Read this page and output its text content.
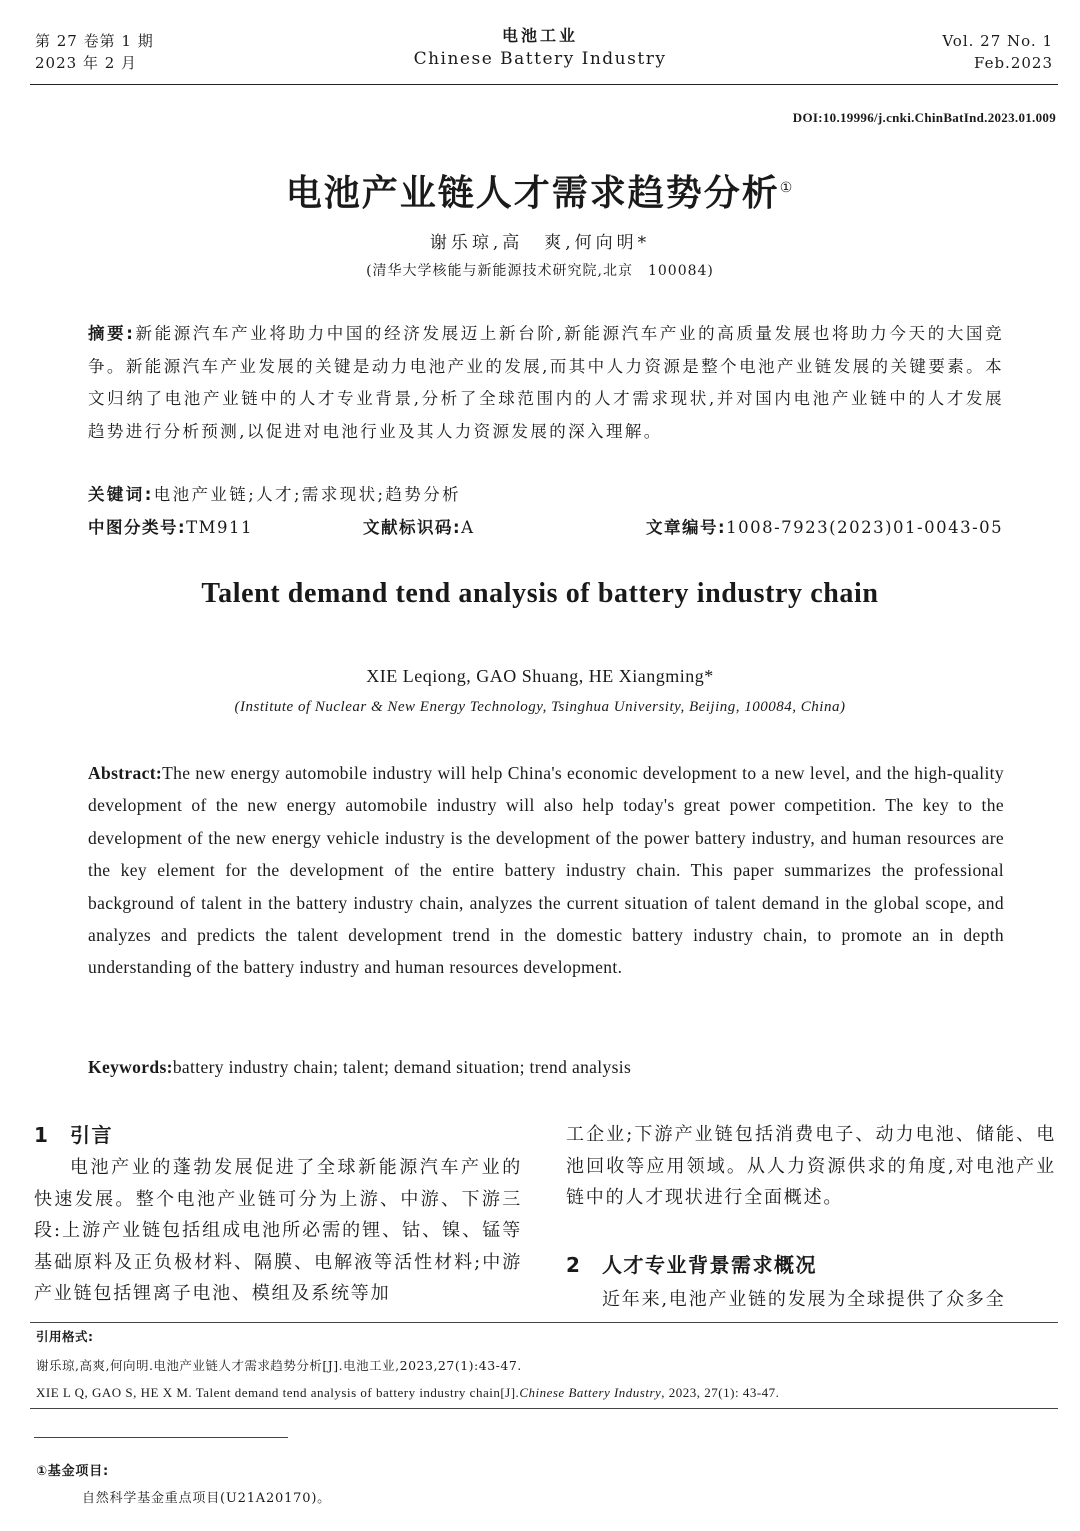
第 27 卷第 1 期
2023 年 2 月
电池工业
Chinese Battery Industry
Vol. 27 No. 1
Feb.2023
DOI:10.19996/j.cnki.ChinBatInd.2023.01.009
电池产业链人才需求趋势分析①
谢乐琼,高　爽,何向明*
(清华大学核能与新能源技术研究院,北京　100084)
摘要:新能源汽车产业将助力中国的经济发展迈上新台阶,新能源汽车产业的高质量发展也将助力今天的大国竞争。新能源汽车产业发展的关键是动力电池产业的发展,而其中人力资源是整个电池产业链发展的关键要素。本文归纳了电池产业链中的人才专业背景,分析了全球范围内的人才需求现状,并对国内电池产业链中的人才发展趋势进行分析预测,以促进对电池行业及其人力资源发展的深入理解。
关键词:电池产业链;人才;需求现状;趋势分析
中图分类号:TM911	文献标识码:A	文章编号:1008-7923(2023)01-0043-05
Talent demand tend analysis of battery industry chain
XIE Leqiong, GAO Shuang, HE Xiangming*
(Institute of Nuclear & New Energy Technology, Tsinghua University, Beijing, 100084, China)
Abstract:The new energy automobile industry will help China's economic development to a new level, and the high-quality development of the new energy automobile industry will also help today's great power competition. The key to the development of the new energy vehicle industry is the development of the power battery industry, and human resources are the key element for the development of the entire battery industry chain. This paper summarizes the professional background of talent in the battery industry chain, analyzes the current situation of talent demand in the global scope, and analyzes and predicts the talent development trend in the domestic battery industry chain, to promote an in depth understanding of the battery industry and human resources development.
Keywords:battery industry chain; talent; demand situation; trend analysis
1 引言
电池产业的蓬勃发展促进了全球新能源汽车产业的快速发展。整个电池产业链可分为上游、中游、下游三段:上游产业链包括组成电池所必需的锂、钴、镍、锰等基础原料及正负极材料、隔膜、电解液等活性材料;中游产业链包括锂离子电池、模组及系统等加
工企业;下游产业链包括消费电子、动力电池、储能、电池回收等应用领域。从人力资源供求的角度,对电池产业链中的人才现状进行全面概述。
2 人才专业背景需求概况
近年来,电池产业链的发展为全球提供了众多全
引用格式:
谢乐琼,高爽,何向明.电池产业链人才需求趋势分析[J].电池工业,2023,27(1):43-47.
XIE L Q, GAO S, HE X M. Talent demand tend analysis of battery industry chain[J].Chinese Battery Industry, 2023, 27(1): 43-47.
①基金项目:
自然科学基金重点项目(U21A20170)。
